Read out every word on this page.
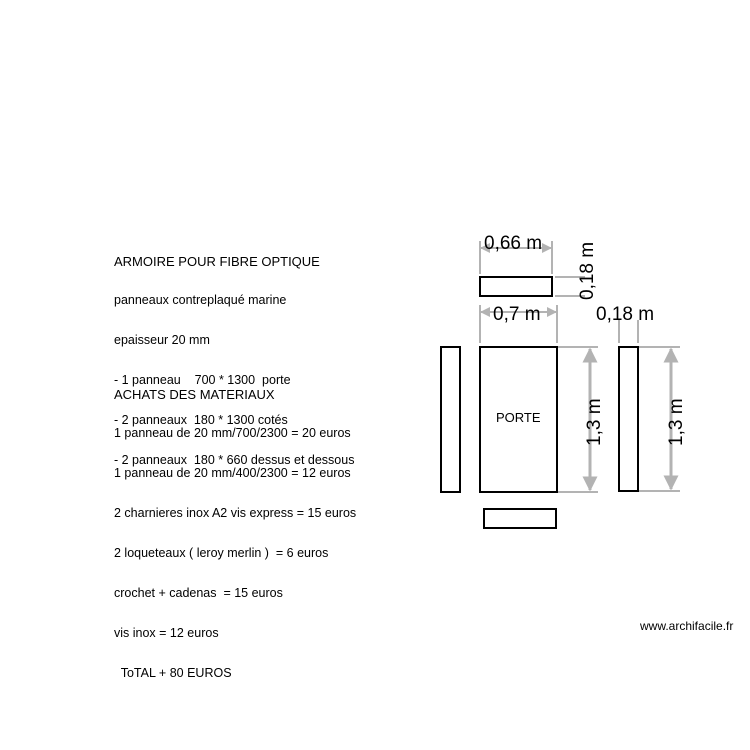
ARMOIRE POUR FIBRE OPTIQUE

panneaux contreplaqué marine

epaisseur 20 mm

- 1 panneau    700 * 1300  porte

- 2 panneaux  180 * 1300 cotés

- 2 panneaux  180 * 660 dessus et dessous

ACHATS DES MATERIAUX

1 panneau de 20 mm/700/2300 = 20 euros

1 panneau de 20 mm/400/2300 = 12 euros

2 charnieres inox A2 vis express = 15 euros

2 loqueteaux ( leroy merlin )  = 6 euros

crochet + cadenas  = 15 euros

vis inox = 12 euros

ToTAL + 80 EUROS

0,66 m 0,18 m
PORTE
0,7 m
1,3 m
0,18 m
1,3 m
www.archifacile.fr
